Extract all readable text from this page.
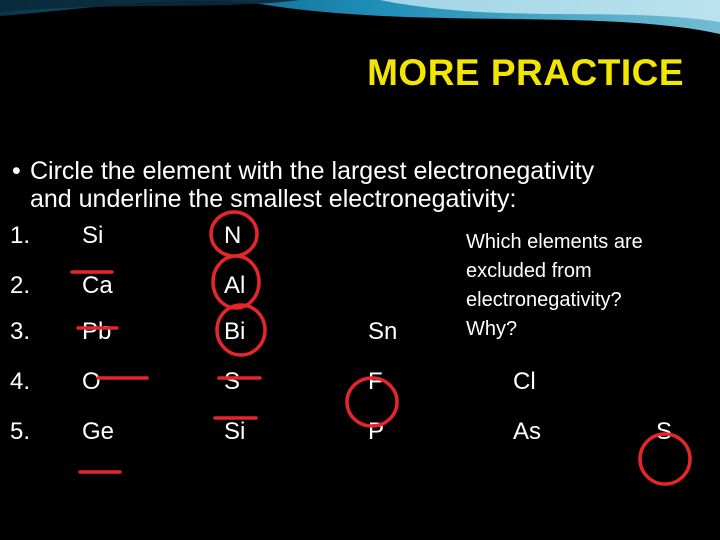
MORE PRACTICE
• Circle the element with the largest electronegativity
and underline the smallest electronegativity:
1. Si	N
2. Ca	Al
3. Pb	Bi	Sn
4. O	S	F	Cl
5. Ge	Si	P	As	S
Which elements are
excluded from
electronegativity?
Why?
